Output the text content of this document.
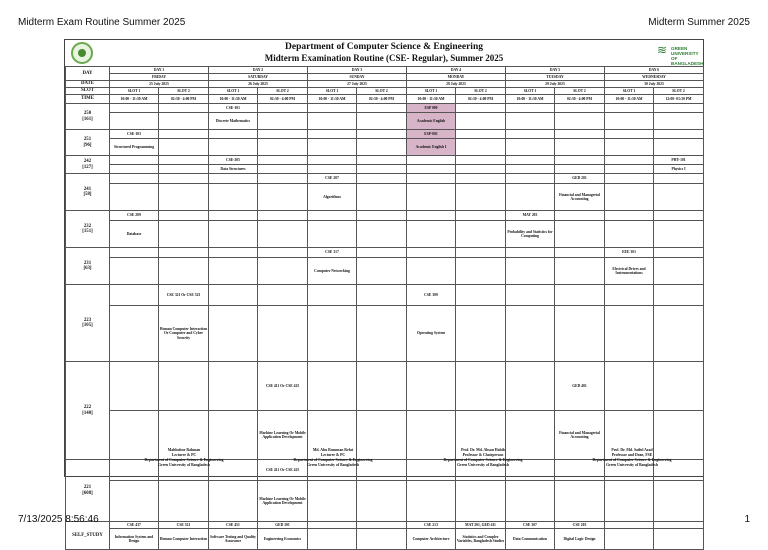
Midterm Exam Routine Summer 2025	Midterm Summer 2025
Department of Computer Science & Engineering
Midterm Examination Routine (CSE- Regular), Summer 2025
≋ GREEN UNIVERSITY OF BANGLADESH
DAY	DAY 1		DAY 2		DAY 3		DAY 4		DAY 5		DAY 6	
	FRIDAY		SATURDAY		SUNDAY		MONDAY		TUESDAY		WEDNESDAY	
DATE	25 July 2025		26 July 2025		27 July 2025		28 July 2025		29 July 2025		30 July 2025	
SLOT	SLOT 1	SLOT 2	SLOT 1	SLOT 2	SLOT 1	SLOT 2	SLOT 1	SLOT 2	SLOT 1	SLOT 2	SLOT 1	SLOT 2
TIME	10:00 - 11:30 AM	02:30 - 4:00 PM	10:00 - 11:30 AM	02:30 - 4:00 PM	10:00 - 11:30 AM	02:30 - 4:00 PM	10:00 - 11:30 AM	02:30 - 4:00 PM	10:00 - 11:30 AM	02:30 - 4:00 PM	10:00 - 11:30 AM	12:00- 01:30 PM

250
[161]			CSE-101				ESP 009					
			Discrete Mathematics				Academic English					

251
[96]	CSE-103						ESP-001					
	Structured Programming						Academic English I					

242
[127]			CSE-205									PHY-101
			Data Structures									Physics I

241
[58]					CSE 207					GED 201		
					Algorithms					Financial and Managerial Accounting		

232
[151]	CSE 209								MAT 203			
	Database								Probability and Statistics for Computing			

231
[63]					CSE 317						EEE 301	
					Computer Networking						Electrical Drives and Instrumentations	

223
[105]		CSE 321 Or CSE 323					CSE 309					
		Human Computer Interaction Or Computer and Cyber Security					Operating System					

222
[140]				CSE 411 Or CSE 425						GED 401		
				Machine Learning Or Mobile Application Development						Financial and Managerial Accounting		

221
[608]				CSE 411 Or CSE 425								
				Machine Learning Or Mobile Application Development								
SELF_STUDY	CSE 437	CSE 321	CSE 451	GED 301			CSE 213	MAT 201, GED 411	CSE 307	CSE 203		
	Information System and Design	Human Computer Interaction	Software Testing and Quality Assurance	Engineering Economics			Computer Architecture	Statistics and Complex Variables, Bangladesh Studies	Data Communication	Digital Logic Design		
Mahbubur Rahman
Lecturer & PC
Department of Computer Science & Engineering
Green University of Bangladesh
Md. Abu Rumman Refat
Lecturer & PC
Department of Computer Science & Engineering
Green University of Bangladesh
Prof. Dr. Md. Ahsan Habib
Professor & Chairperson
Department of Computer Science & Engineering
Green University of Bangladesh
Prof. Dr. Md. Saiful Azad
Professor and Dean, FSE
Department of Computer Science & Engineering
Green University of Bangladesh
7/13/2025 8:56:46	1
